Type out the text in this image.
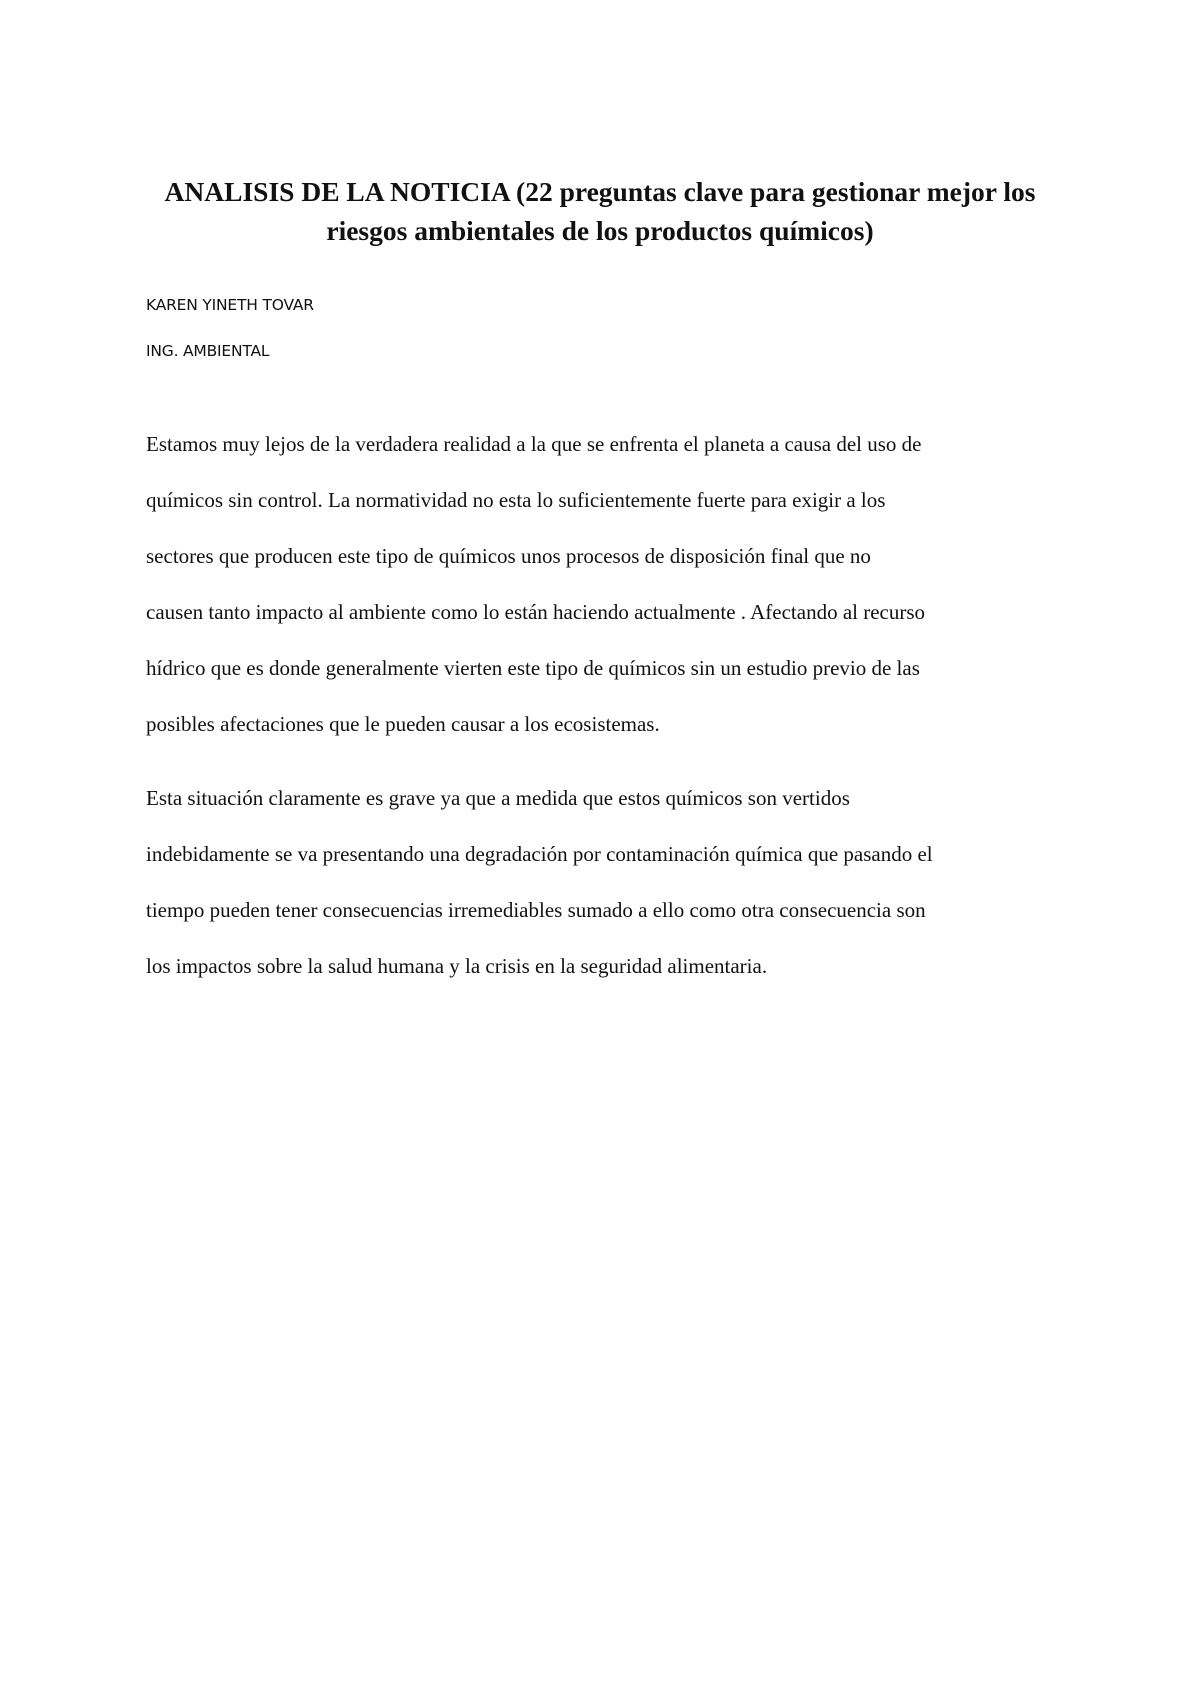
ANALISIS DE LA NOTICIA (22 preguntas clave para gestionar mejor los
riesgos ambientales de los productos químicos)

KAREN YINETH TOVAR

ING. AMBIENTAL

Estamos muy lejos de la verdadera realidad a la que se enfrenta el planeta a causa del uso de
químicos sin control. La normatividad no esta lo suficientemente fuerte para exigir a los
sectores que producen este tipo de químicos unos procesos de disposición final que no
causen tanto impacto al ambiente como lo están haciendo actualmente . Afectando al recurso
hídrico que es donde generalmente vierten este tipo de químicos sin un estudio previo de las
posibles afectaciones que le pueden causar a los ecosistemas.

Esta situación claramente es grave ya que a medida que estos químicos son vertidos
indebidamente se va presentando una degradación por contaminación química que pasando el
tiempo pueden tener consecuencias irremediables sumado a ello como otra consecuencia son
los impactos sobre la salud humana y la crisis en la seguridad alimentaria.
